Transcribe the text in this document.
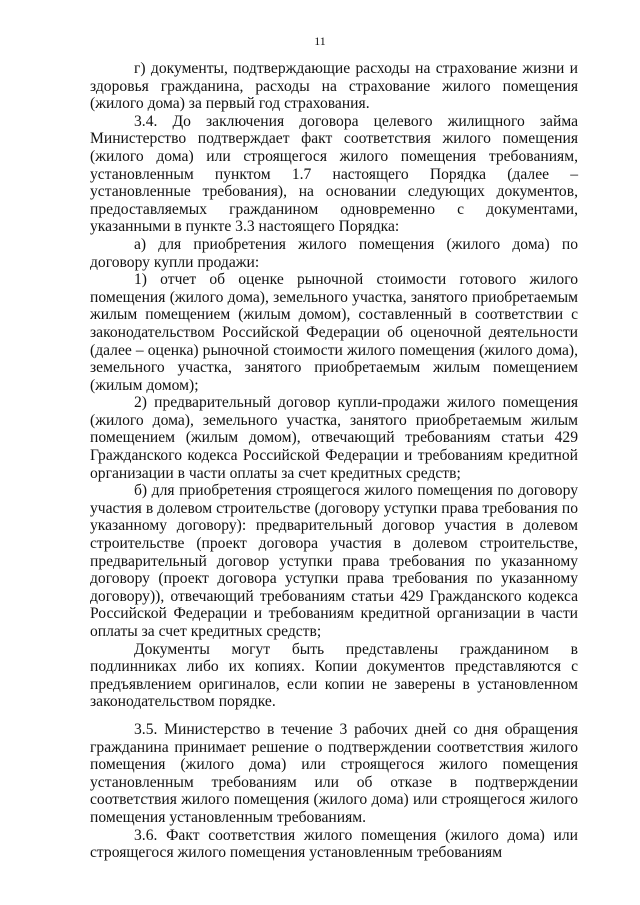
11

г) документы, подтверждающие расходы на страхование жизни и здоровья гражданина, расходы на страхование жилого помещения (жилого дома) за первый год страхования.

3.4. До заключения договора целевого жилищного займа Министерство подтверждает факт соответствия жилого помещения (жилого дома) или строящегося жилого помещения требованиям, установленным пунктом 1.7 настоящего Порядка (далее – установленные требования), на основании следующих документов, предоставляемых гражданином одновременно с документами, указанными в пункте 3.3 настоящего Порядка:

а) для приобретения жилого помещения (жилого дома) по договору купли продажи:

1) отчет об оценке рыночной стоимости готового жилого помещения (жилого дома), земельного участка, занятого приобретаемым жилым помещением (жилым домом), составленный в соответствии с законодательством Российской Федерации об оценочной деятельности (далее – оценка) рыночной стоимости жилого помещения (жилого дома), земельного участка, занятого приобретаемым жилым помещением (жилым домом);

2) предварительный договор купли-продажи жилого помещения (жилого дома), земельного участка, занятого приобретаемым жилым помещением (жилым домом), отвечающий требованиям статьи 429 Гражданского кодекса Российской Федерации и требованиям кредитной организации в части оплаты за счет кредитных средств;

б) для приобретения строящегося жилого помещения по договору участия в долевом строительстве (договору уступки права требования по указанному договору): предварительный договор участия в долевом строительстве (проект договора участия в долевом строительстве, предварительный договор уступки права требования по указанному договору (проект договора уступки права требования по указанному договору)), отвечающий требованиям статьи 429 Гражданского кодекса Российской Федерации и требованиям кредитной организации в части оплаты за счет кредитных средств;

Документы могут быть представлены гражданином в подлинниках либо их копиях. Копии документов представляются с предъявлением оригиналов, если копии не заверены в установленном законодательством порядке.

3.5. Министерство в течение 3 рабочих дней со дня обращения гражданина принимает решение о подтверждении соответствия жилого помещения (жилого дома) или строящегося жилого помещения установленным требованиям или об отказе в подтверждении соответствия жилого помещения (жилого дома) или строящегося жилого помещения установленным требованиям.

3.6. Факт соответствия жилого помещения (жилого дома) или строящегося жилого помещения установленным требованиям
